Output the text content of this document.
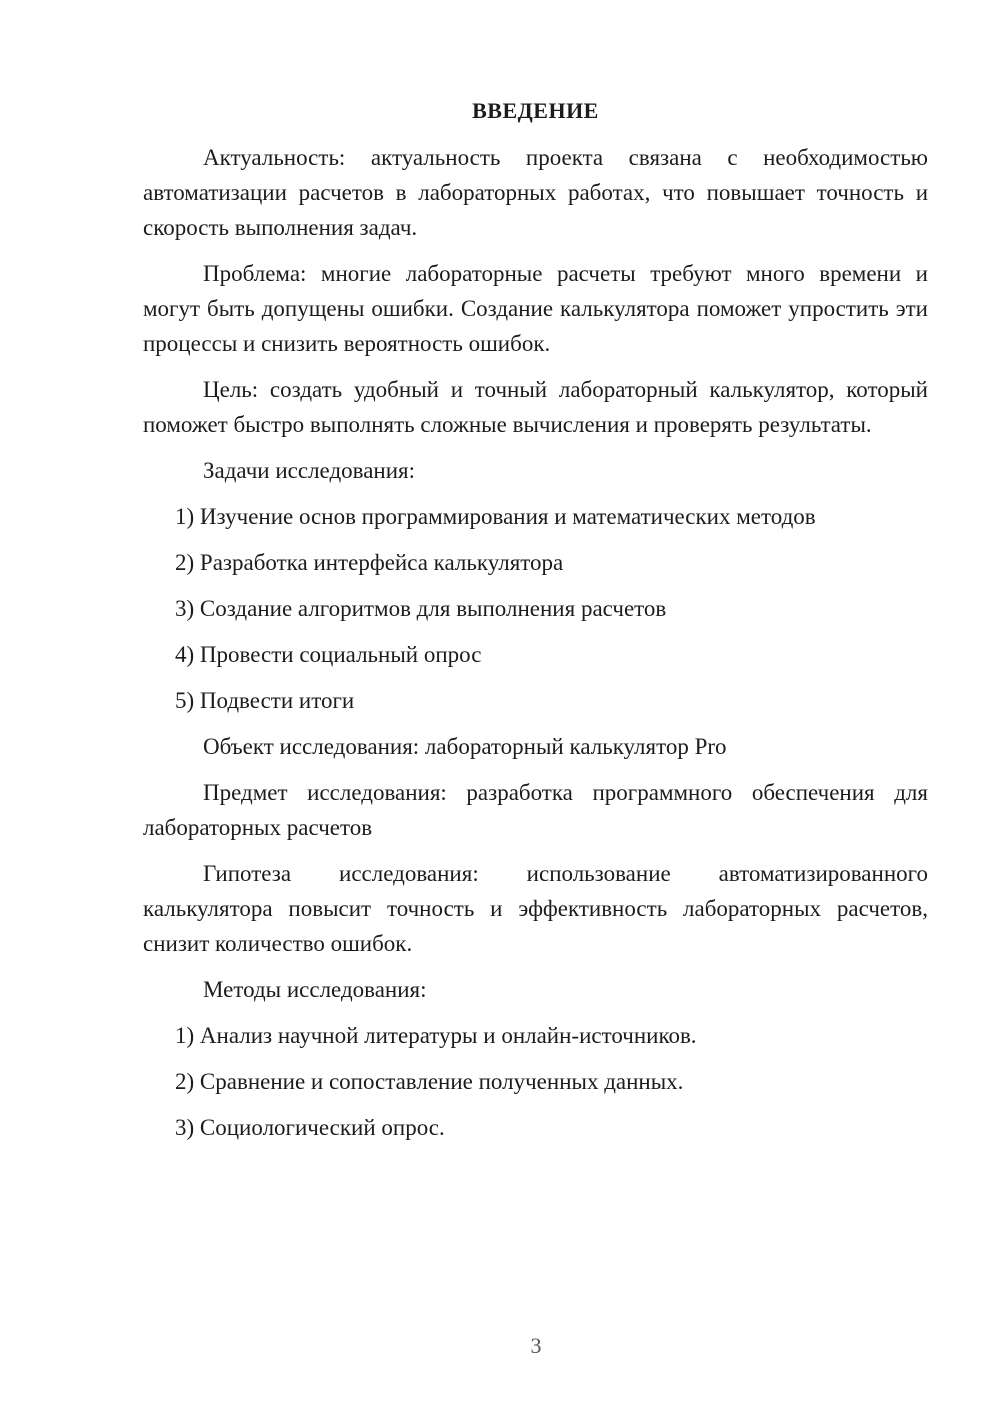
ВВЕДЕНИЕ

Актуальность: актуальность проекта связана с необходимостью автоматизации расчетов в лабораторных работах, что повышает точность и скорость выполнения задач.

Проблема: многие лабораторные расчеты требуют много времени и могут быть допущены ошибки. Создание калькулятора поможет упростить эти процессы и снизить вероятность ошибок.

Цель: создать удобный и точный лабораторный калькулятор, который поможет быстро выполнять сложные вычисления и проверять результаты.

Задачи исследования:

1) Изучение основ программирования и математических методов
2) Разработка интерфейса калькулятора
3) Создание алгоритмов для выполнения расчетов
4) Провести социальный опрос
5) Подвести итоги

Объект исследования: лабораторный калькулятор Pro

Предмет исследования: разработка программного обеспечения для лабораторных расчетов

Гипотеза исследования: использование автоматизированного калькулятора повысит точность и эффективность лабораторных расчетов, снизит количество ошибок.

Методы исследования:

1) Анализ научной литературы и онлайн-источников.
2) Сравнение и сопоставление полученных данных.
3) Социологический опрос.
3
